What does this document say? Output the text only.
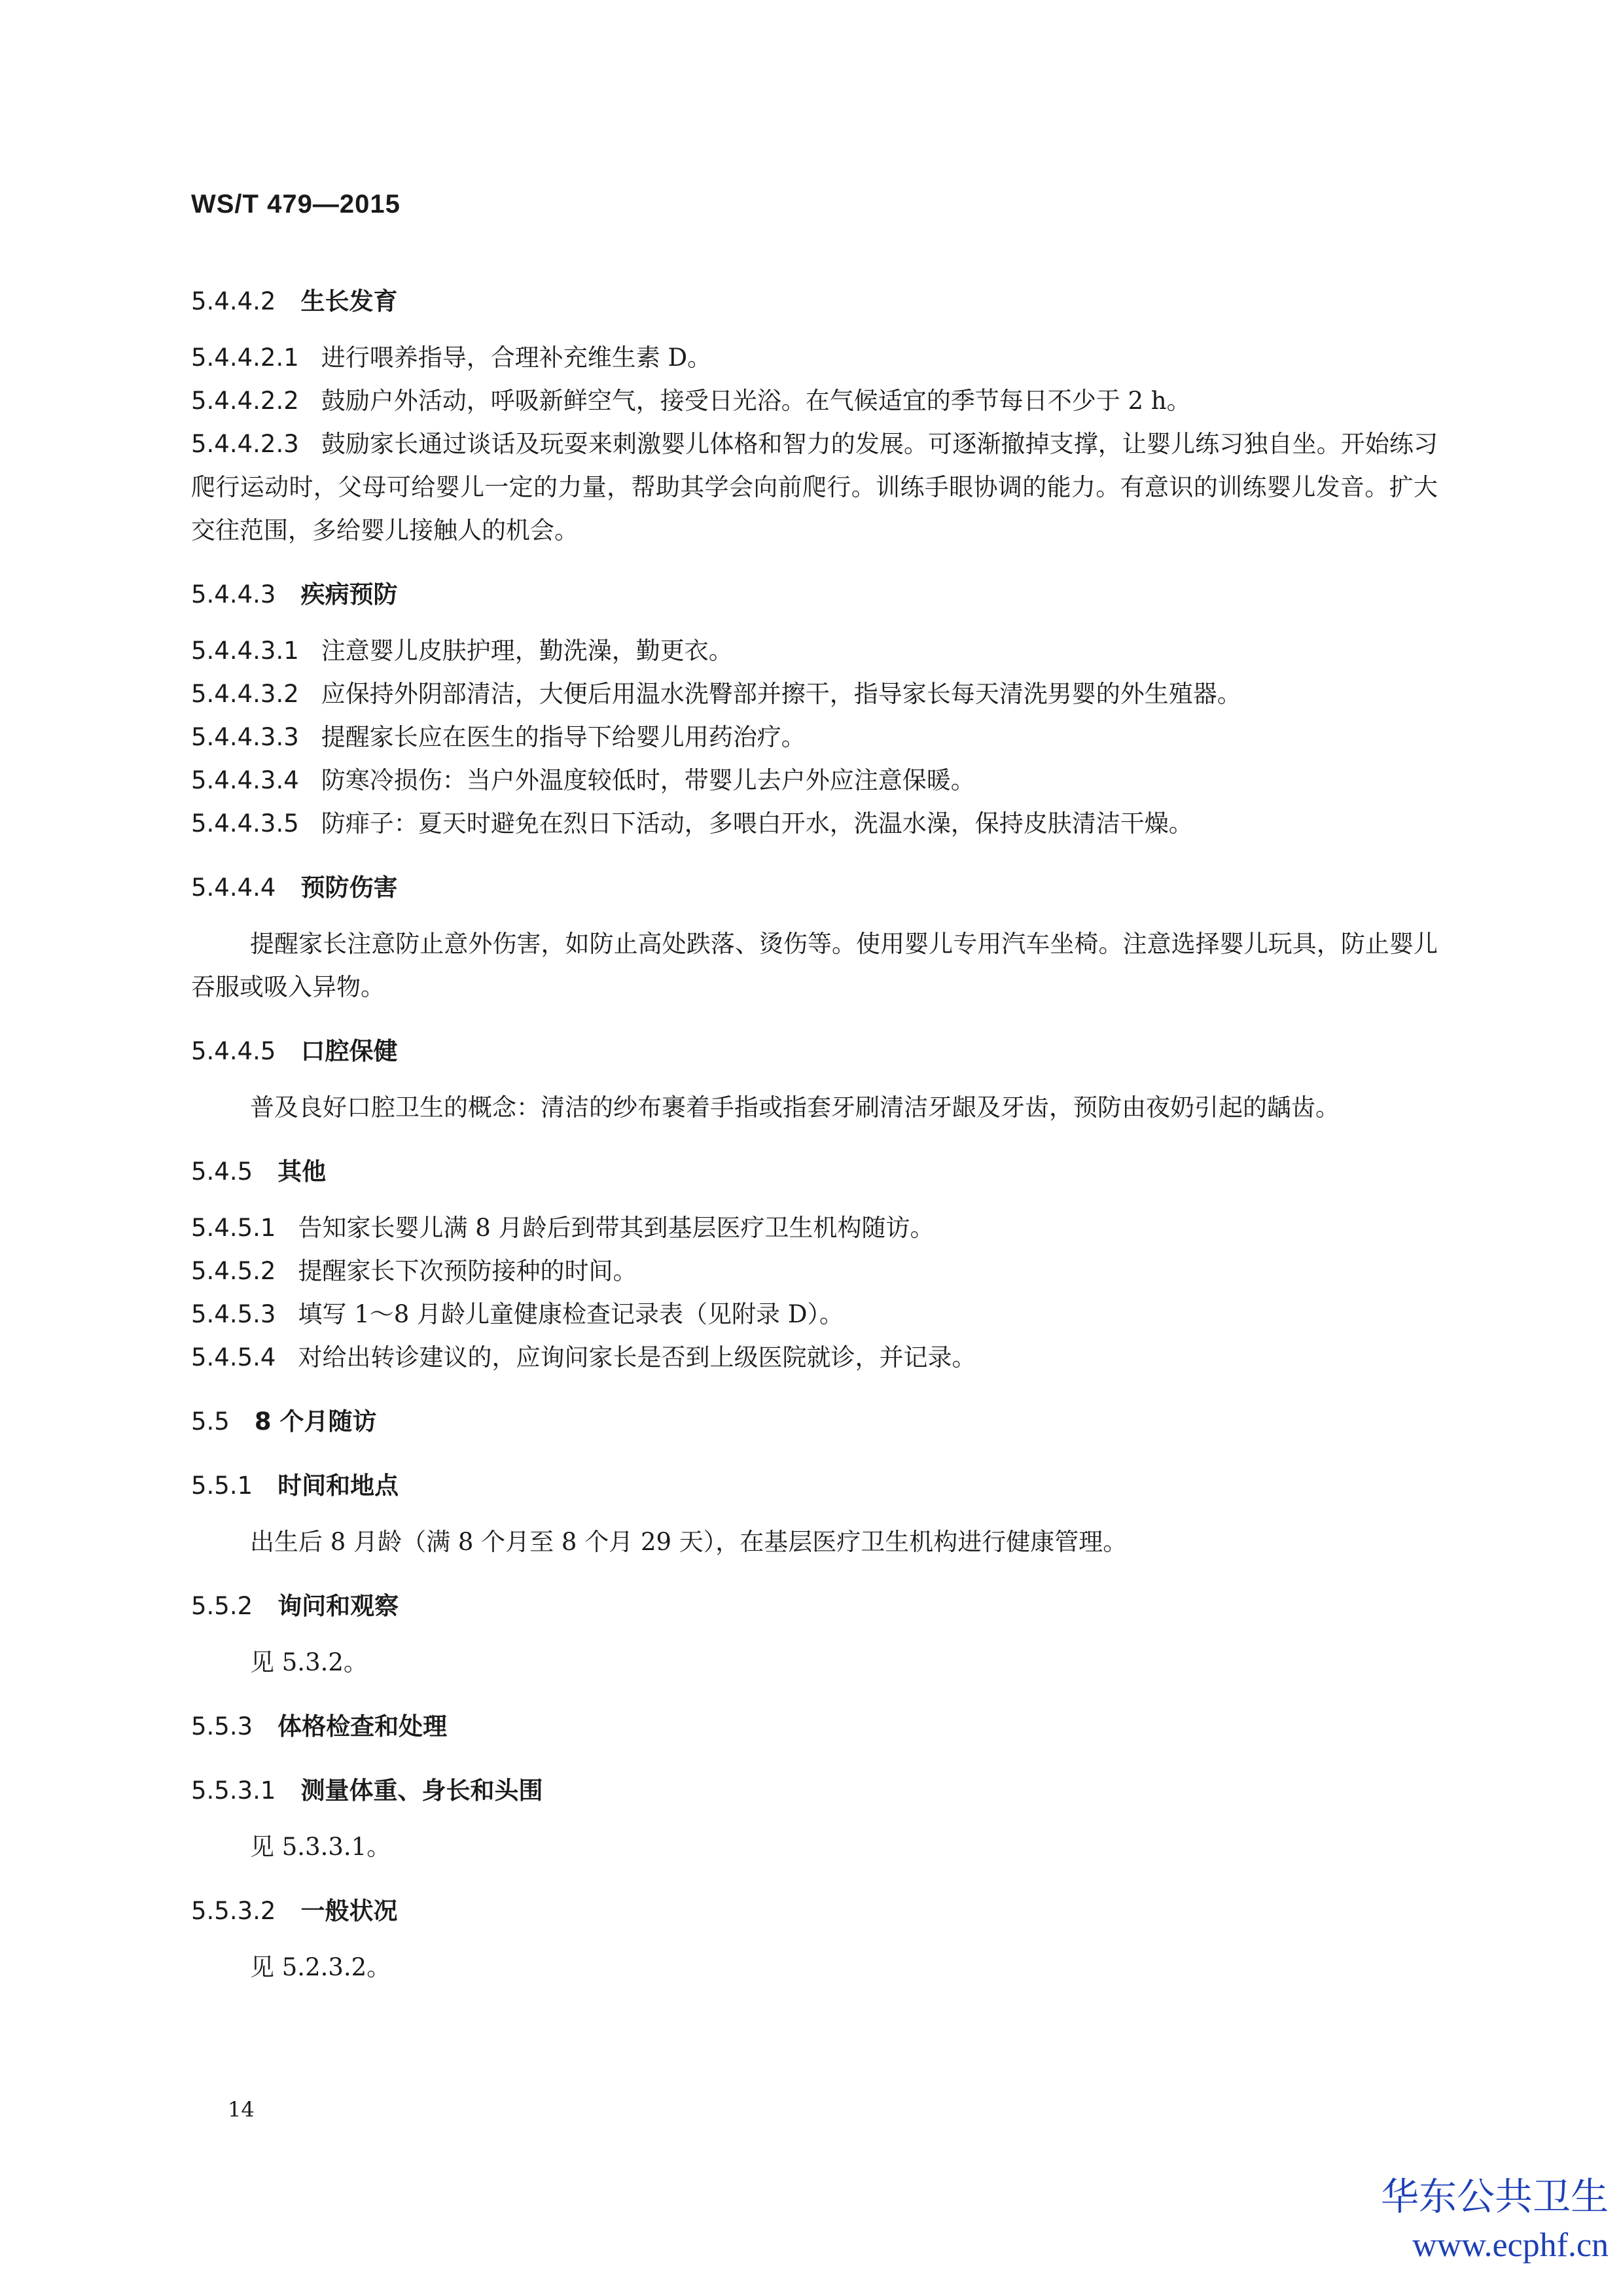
WS/T 479—2015

5.4.4.2 生长发育

5.4.4.2.1 进行喂养指导，合理补充维生素 D。

5.4.4.2.2 鼓励户外活动，呼吸新鲜空气，接受日光浴。在气候适宜的季节每日不少于 2 h。

5.4.4.2.3 鼓励家长通过谈话及玩耍来刺激婴儿体格和智力的发展。可逐渐撤掉支撑，让婴儿练习独自坐。开始练习爬行运动时，父母可给婴儿一定的力量，帮助其学会向前爬行。训练手眼协调的能力。有意识的训练婴儿发音。扩大交往范围，多给婴儿接触人的机会。

5.4.4.3 疾病预防

5.4.4.3.1 注意婴儿皮肤护理，勤洗澡，勤更衣。

5.4.4.3.2 应保持外阴部清洁，大便后用温水洗臀部并擦干，指导家长每天清洗男婴的外生殖器。

5.4.4.3.3 提醒家长应在医生的指导下给婴儿用药治疗。

5.4.4.3.4 防寒冷损伤：当户外温度较低时，带婴儿去户外应注意保暖。

5.4.4.3.5 防痱子：夏天时避免在烈日下活动，多喂白开水，洗温水澡，保持皮肤清洁干燥。

5.4.4.4 预防伤害

提醒家长注意防止意外伤害，如防止高处跌落、烫伤等。使用婴儿专用汽车坐椅。注意选择婴儿玩具，防止婴儿吞服或吸入异物。

5.4.4.5 口腔保健

普及良好口腔卫生的概念：清洁的纱布裹着手指或指套牙刷清洁牙龈及牙齿，预防由夜奶引起的龋齿。

5.4.5 其他

5.4.5.1 告知家长婴儿满 8 月龄后到带其到基层医疗卫生机构随访。

5.4.5.2 提醒家长下次预防接种的时间。

5.4.5.3 填写 1～8 月龄儿童健康检查记录表（见附录 D）。

5.4.5.4 对给出转诊建议的，应询问家长是否到上级医院就诊，并记录。

5.5 8 个月随访
5.5.1 时间和地点

出生后 8 月龄（满 8 个月至 8 个月 29 天），在基层医疗卫生机构进行健康管理。

5.5.2 询问和观察

见 5.3.2。

5.5.3 体格检查和处理
5.5.3.1 测量体重、身长和头围

见 5.3.3.1。

5.5.3.2 一般状况

见 5.2.3.2。

14

华东公共卫生

www.ecphf.cn
